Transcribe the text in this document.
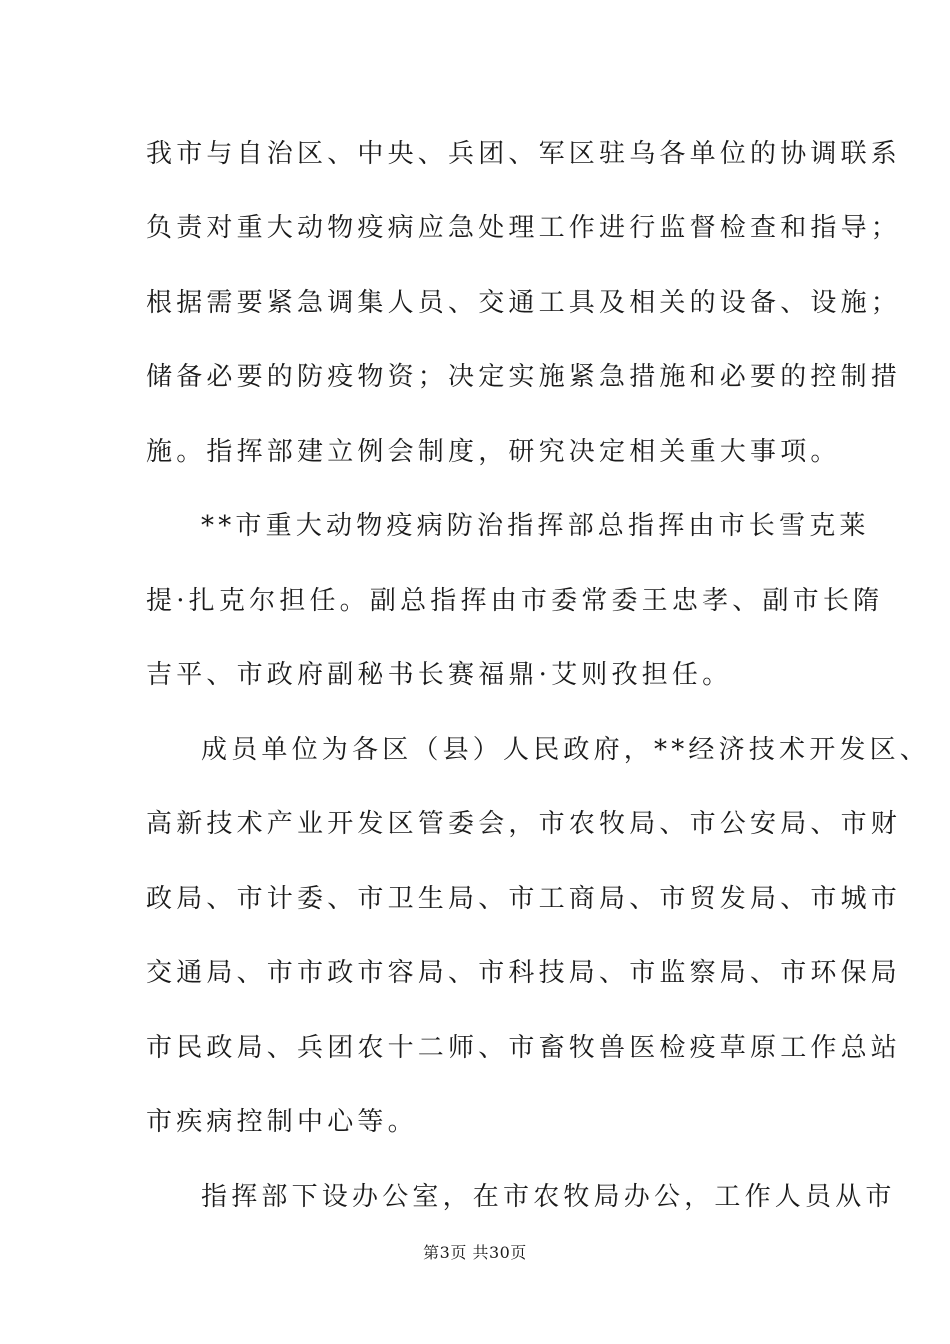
我市与自治区、中央、兵团、军区驻乌各单位的协调联系
负责对重大动物疫病应急处理工作进行监督检查和指导；
根据需要紧急调集人员、交通工具及相关的设备、设施；
储备必要的防疫物资；决定实施紧急措施和必要的控制措
施。指挥部建立例会制度，研究决定相关重大事项。
**市重大动物疫病防治指挥部总指挥由市长雪克莱
提·扎克尔担任。副总指挥由市委常委王忠孝、副市长隋
吉平、市政府副秘书长赛福鼎·艾则孜担任。
成员单位为各区（县）人民政府，**经济技术开发区、
高新技术产业开发区管委会，市农牧局、市公安局、市财
政局、市计委、市卫生局、市工商局、市贸发局、市城市
交通局、市市政市容局、市科技局、市监察局、市环保局
市民政局、兵团农十二师、市畜牧兽医检疫草原工作总站
市疾病控制中心等。
指挥部下设办公室，在市农牧局办公，工作人员从市
第3页 共30页
